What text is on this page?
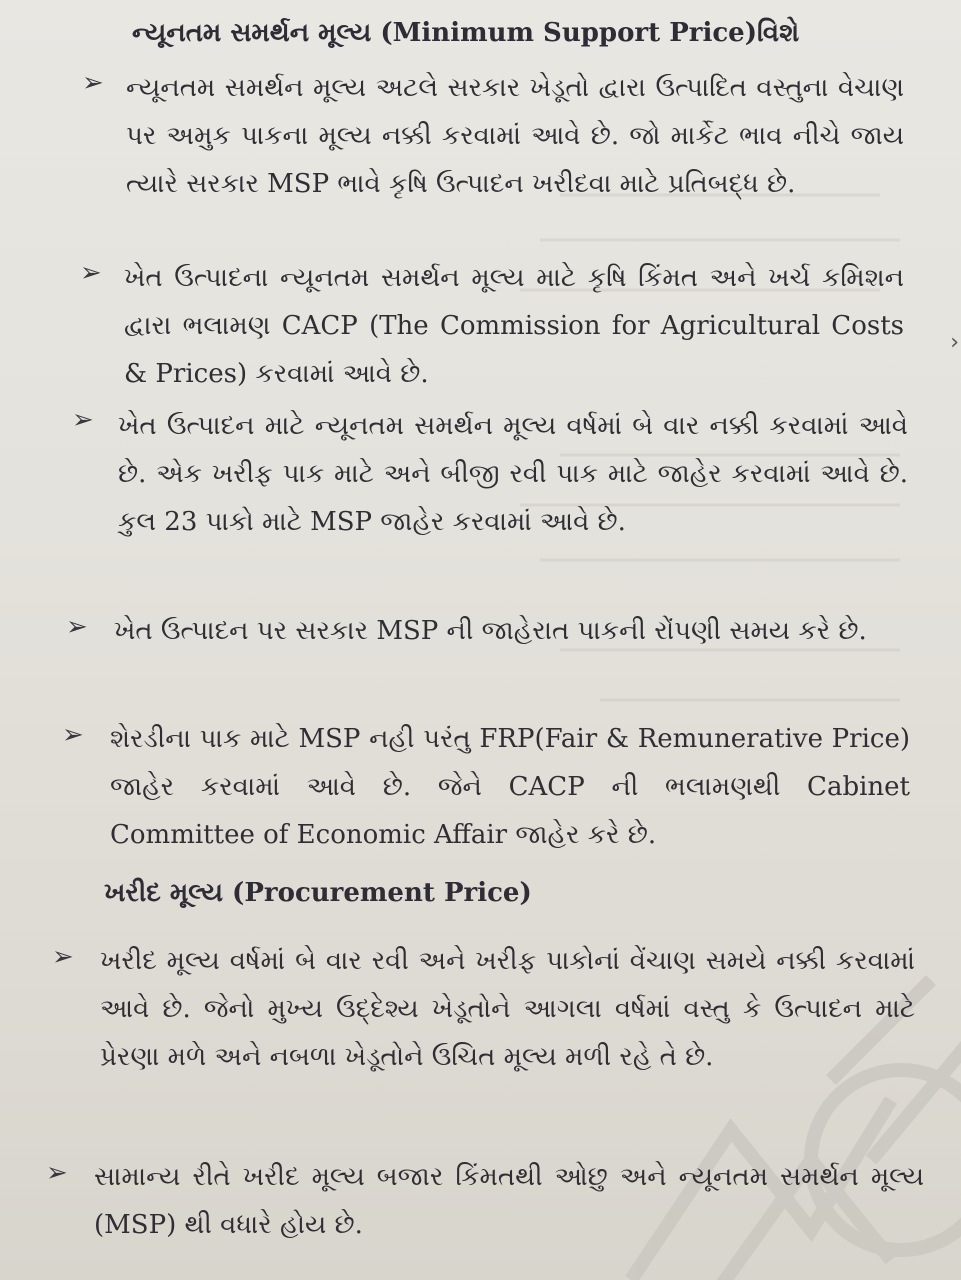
ન્યૂનતમ સમર્થન મૂલ્ય (Minimum Support Price)વિશે
➢ ન્યૂનતમ સમર્થન મૂલ્ય અટલે સરકાર ખેડૂતો દ્વારા ઉત્પાદિત વસ્તુના વેચાણ પર અમુક પાકના મૂલ્ય નક્કી કરવામાં આવે છે. જો માર્કેટ ભાવ નીચે જાય ત્યારે સરકાર MSP ભાવે કૃષિ ઉત્પાદન ખરીદવા માટે પ્રતિબદ્ધ છે.

➢ ખેત ઉત્પાદના ન્યૂનતમ સમર્થન મૂલ્ય માટે કૃષિ કિંમત અને ખર્ચ કમિશન દ્વારા ભલામણ CACP (The Commission for Agricultural Costs & Prices) કરવામાં આવે છે.

➢ ખેત ઉત્પાદન માટે ન્યૂનતમ સમર્થન મૂલ્ય વર્ષમાં બે વાર નક્કી કરવામાં આવે છે. એક ખરીફ પાક માટે અને બીજી રવી પાક માટે જાહેર કરવામાં આવે છે. કુલ 23 પાકો માટે MSP જાહેર કરવામાં આવે છે.

➢ ખેત ઉત્પાદન પર સરકાર MSP ની જાહેરાત પાકની રોંપણી સમય કરે છે.

➢ શેરડીના પાક માટે MSP નહી પરંતુ FRP(Fair & Remunerative Price) જાહેર કરવામાં આવે છે. જેને CACP ની ભલામણથી Cabinet Committee of Economic Affair જાહેર કરે છે.

ખરીદ મૂલ્ય (Procurement Price)
➢ ખરીદ મૂલ્ય વર્ષમાં બે વાર રવી અને ખરીફ પાકોનાં વેંચાણ સમયે નક્કી કરવામાં આવે છે. જેનો મુખ્ય ઉદ્દેશ્ય ખેડૂતોને આગલા વર્ષમાં વસ્તુ કે ઉત્પાદન માટે પ્રેરણા મળે અને નબળા ખેડૂતોને ઉચિત મૂલ્ય મળી રહે તે છે.

➢ સામાન્ય રીતે ખરીદ મૂલ્ય બજાર કિંમતથી ઓછુ અને ન્યૂનતમ સમર્થન મૂલ્ય (MSP) થી વધારે હોય છે.

›
